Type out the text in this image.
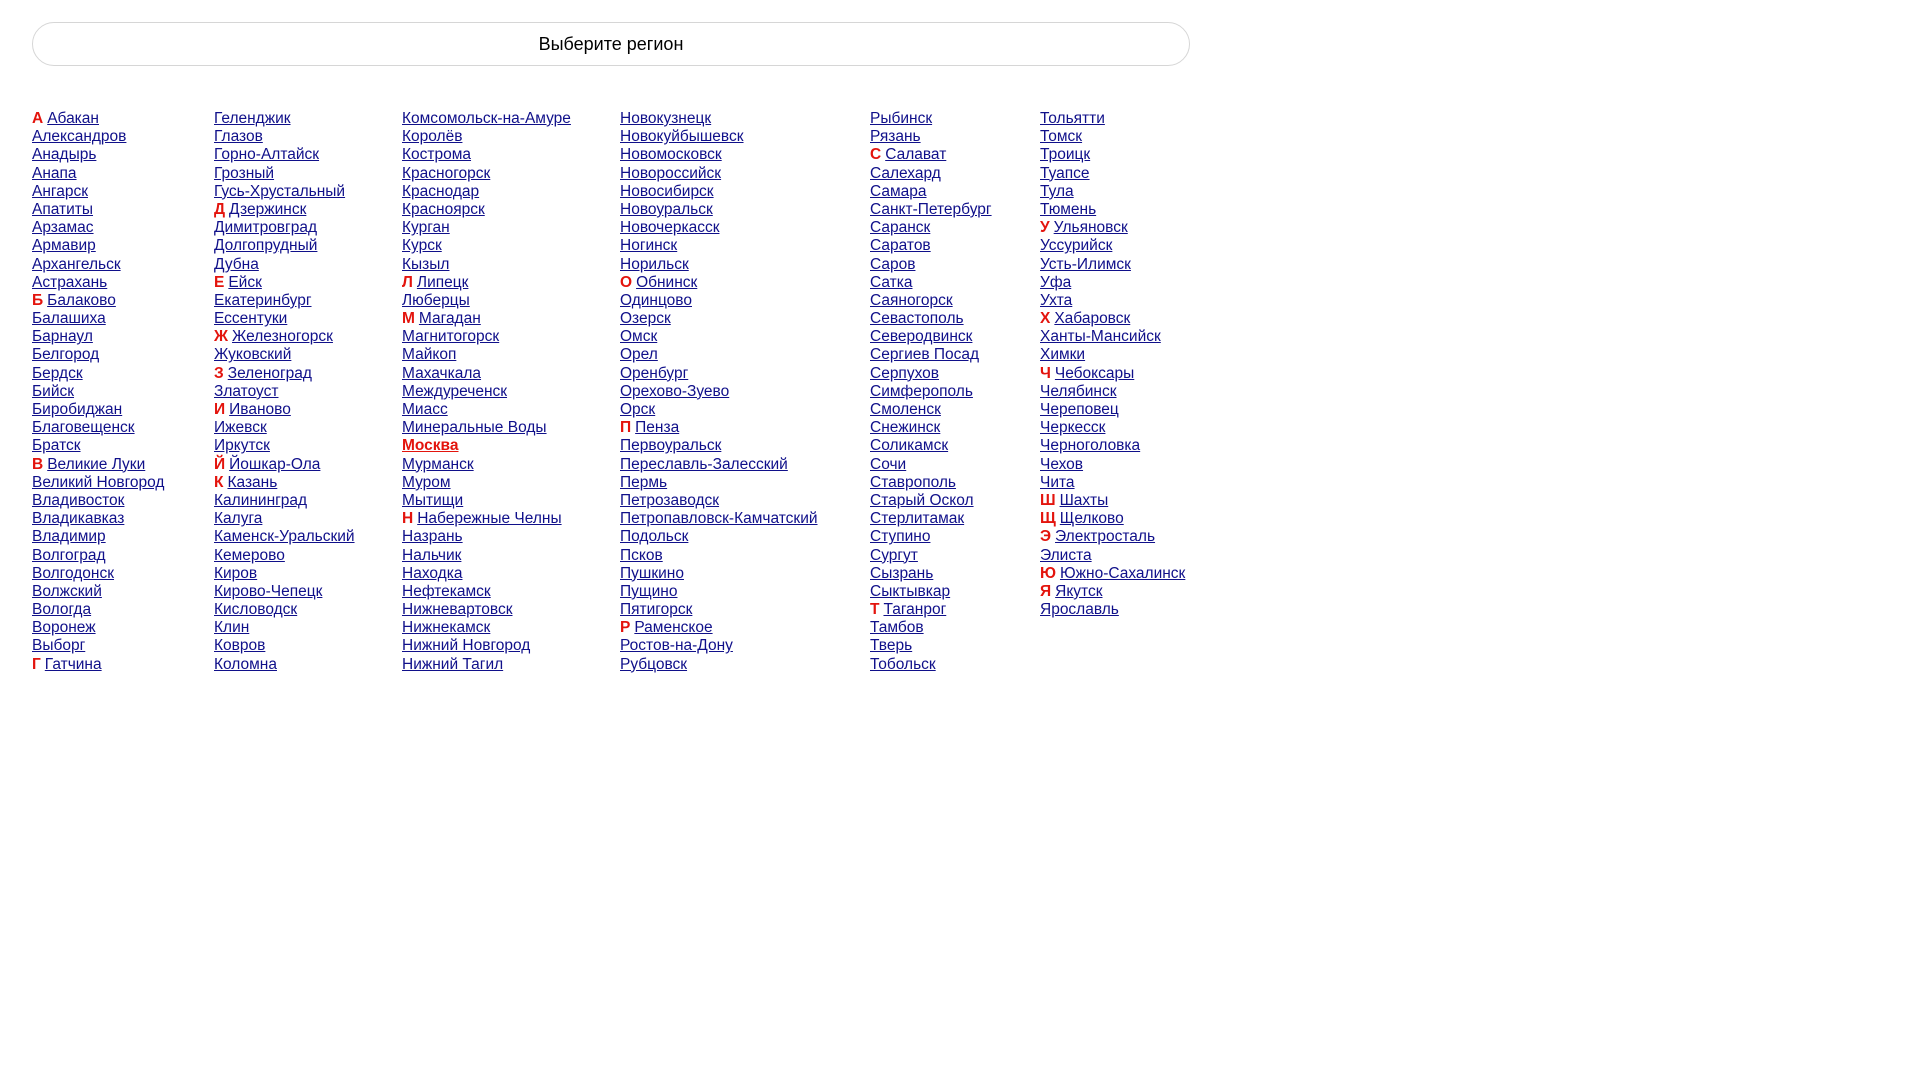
Выберите регион
А Абакан
Александров
Анадырь
Анапа
Ангарск
Апатиты
Арзамас
Армавир
Архангельск
Астрахань
Б Балаково
Балашиха
Барнаул
Белгород
Бердск
Бийск
Биробиджан
Благовещенск
Братск
В Великие Луки
Великий Новгород
Владивосток
Владикавказ
Владимир
Волгоград
Волгодонск
Волжский
Вологда
Воронеж
Выборг
Г Гатчина
Геленджик
Глазов
Горно-Алтайск
Грозный
Гусь-Хрустальный
Д Дзержинск
Димитровград
Долгопрудный
Дубна
Е Ейск
Екатеринбург
Ессентуки
Ж Железногорск
Жуковский
З Зеленоград
Златоуст
И Иваново
Ижевск
Иркутск
Й Йошкар-Ола
К Казань
Калининград
Калуга
Каменск-Уральский
Кемерово
Киров
Кирово-Чепецк
Кисловодск
Клин
Ковров
Коломна
Комсомольск-на-Амуре
Королёв
Кострома
Красногорск
Краснодар
Красноярск
Курган
Курск
Кызыл
Л Липецк
Люберцы
М Магадан
Магнитогорск
Майкоп
Махачкала
Междуреченск
Миасс
Минеральные Воды
Москва
Мурманск
Муром
Мытищи
Н Набережные Челны
Назрань
Нальчик
Находка
Нефтекамск
Нижневартовск
Нижнекамск
Нижний Новгород
Нижний Тагил
Новокузнецк
Новокуйбышевск
Новомосковск
Новороссийск
Новосибирск
Новоуральск
Новочеркасск
Ногинск
Норильск
О Обнинск
Одинцово
Озерск
Омск
Орел
Оренбург
Орехово-Зуево
Орск
П Пенза
Первоуральск
Переславль-Залесский
Пермь
Петрозаводск
Петропавловск-Камчатский
Подольск
Псков
Пушкино
Пущино
Пятигорск
Р Раменское
Ростов-на-Дону
Рубцовск
Рыбинск
Рязань
С Салават
Салехард
Самара
Санкт-Петербург
Саранск
Саратов
Саров
Сатка
Саяногорск
Севастополь
Северодвинск
Сергиев Посад
Серпухов
Симферополь
Смоленск
Снежинск
Соликамск
Сочи
Ставрополь
Старый Оскол
Стерлитамак
Ступино
Сургут
Сызрань
Сыктывкар
Т Таганрог
Тамбов
Тверь
Тобольск
Тольятти
Томск
Троицк
Туапсе
Тула
Тюмень
У Ульяновск
Уссурийск
Усть-Илимск
Уфа
Ухта
Х Хабаровск
Ханты-Мансийск
Химки
Ч Чебоксары
Челябинск
Череповец
Черкесск
Черноголовка
Чехов
Чита
Ш Шахты
Щ Щелково
Э Электросталь
Элиста
Ю Южно-Сахалинск
Я Якутск
Ярославль
